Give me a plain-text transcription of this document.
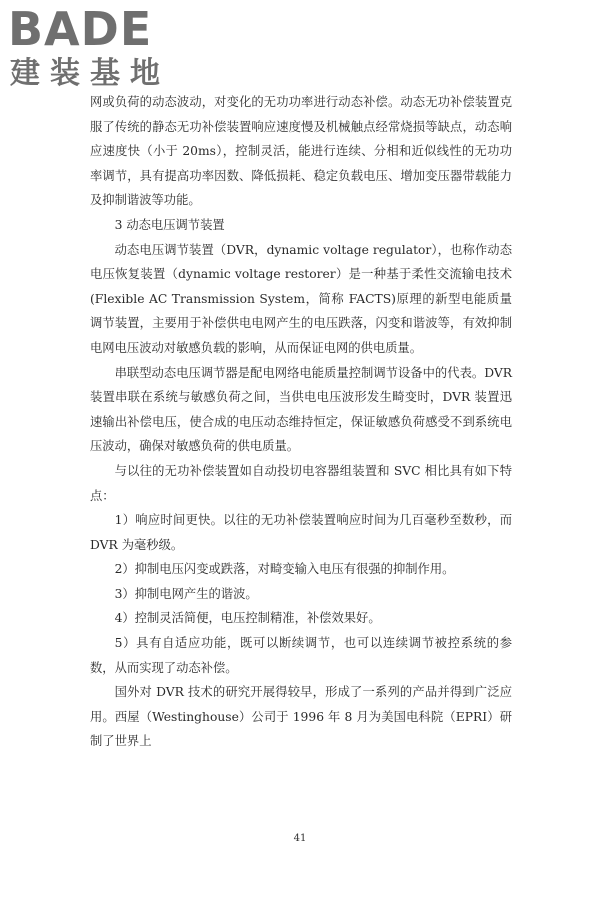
BADE
建装基地

网或负荷的动态波动，对变化的无功功率进行动态补偿。动态无功补偿装置克服了传统的静态无功补偿装置响应速度慢及机械触点经常烧损等缺点，动态响应速度快（小于 20ms），控制灵活，能进行连续、分相和近似线性的无功功率调节，具有提高功率因数、降低损耗、稳定负载电压、增加变压器带载能力及抑制谐波等功能。

3 动态电压调节装置

动态电压调节装置（DVR，dynamic voltage regulator），也称作动态电压恢复装置（dynamic voltage restorer）是一种基于柔性交流输电技术(Flexible AC Transmission System，简称 FACTS)原理的新型电能质量调节装置，主要用于补偿供电电网产生的电压跌落，闪变和谐波等，有效抑制电网电压波动对敏感负载的影响，从而保证电网的供电质量。

串联型动态电压调节器是配电网络电能质量控制调节设备中的代表。DVR 装置串联在系统与敏感负荷之间，当供电电压波形发生畸变时，DVR 装置迅速输出补偿电压，使合成的电压动态维持恒定，保证敏感负荷感受不到系统电压波动，确保对敏感负荷的供电质量。

与以往的无功补偿装置如自动投切电容器组装置和 SVC 相比具有如下特点：

1）响应时间更快。以往的无功补偿装置响应时间为几百毫秒至数秒，而 DVR 为毫秒级。

2）抑制电压闪变或跌落，对畸变输入电压有很强的抑制作用。

3）抑制电网产生的谐波。

4）控制灵活简便，电压控制精准，补偿效果好。

5）具有自适应功能，既可以断续调节，也可以连续调节被控系统的参数，从而实现了动态补偿。

国外对 DVR 技术的研究开展得较早，形成了一系列的产品并得到广泛应用。西屋（Westinghouse）公司于 1996 年 8 月为美国电科院（EPRI）研制了世界上

41
